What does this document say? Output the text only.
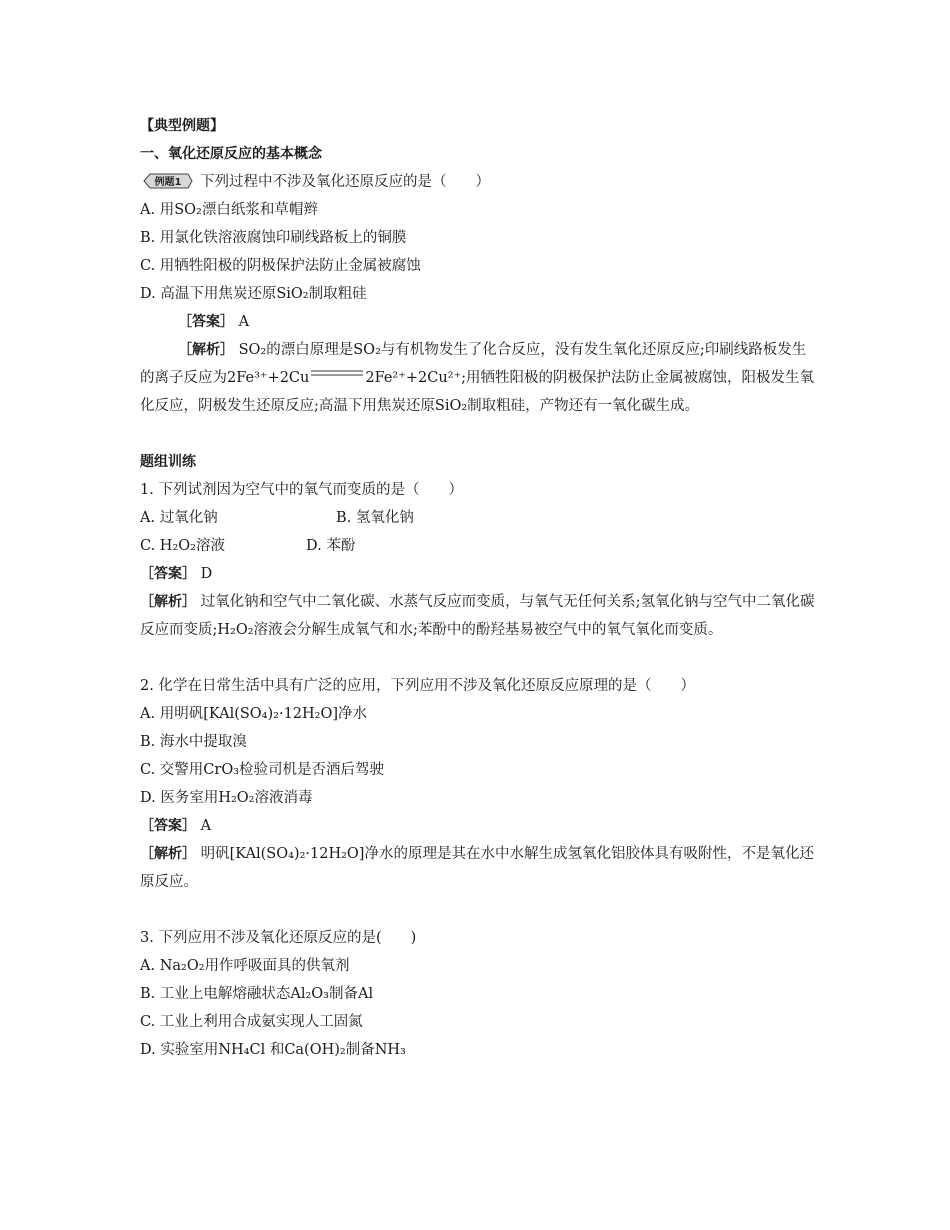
【典型例题】
一、氧化还原反应的基本概念
例题1 下列过程中不涉及氧化还原反应的是（　　）
A. 用SO₂漂白纸浆和草帽辫
B. 用氯化铁溶液腐蚀印刷线路板上的铜膜
C. 用牺牲阳极的阴极保护法防止金属被腐蚀
D. 高温下用焦炭还原SiO₂制取粗硅
［答案］ A
［解析］ SO₂的漂白原理是SO₂与有机物发生了化合反应，没有发生氧化还原反应;印刷线路板发生的离子反应为2Fe³⁺+2Cu	2Fe²⁺+2Cu²⁺;用牺牲阳极的阴极保护法防止金属被腐蚀，阳极发生氧化反应，阴极发生还原反应;高温下用焦炭还原SiO₂制取粗硅，产物还有一氧化碳生成。
题组训练
1. 下列试剂因为空气中的氧气而变质的是（　　）
A. 过氧化钠	B. 氢氧化钠
C. H₂O₂溶液	D. 苯酚
［答案］ D
［解析］ 过氧化钠和空气中二氧化碳、水蒸气反应而变质，与氧气无任何关系;氢氧化钠与空气中二氧化碳反应而变质;H₂O₂溶液会分解生成氧气和水;苯酚中的酚羟基易被空气中的氧气氧化而变质。
2. 化学在日常生活中具有广泛的应用，下列应用不涉及氧化还原反应原理的是（　　）
A. 用明矾[KAl(SO₄)₂·12H₂O]净水
B. 海水中提取溴
C. 交警用CrO₃检验司机是否酒后驾驶
D. 医务室用H₂O₂溶液消毒
［答案］ A
［解析］ 明矾[KAl(SO₄)₂·12H₂O]净水的原理是其在水中水解生成氢氧化铝胶体具有吸附性，不是氧化还原反应。
3. 下列应用不涉及氧化还原反应的是(　　)
A. Na₂O₂用作呼吸面具的供氧剂
B. 工业上电解熔融状态Al₂O₃制备Al
C. 工业上利用合成氨实现人工固氮
D. 实验室用NH₄Cl 和Ca(OH)₂制备NH₃
